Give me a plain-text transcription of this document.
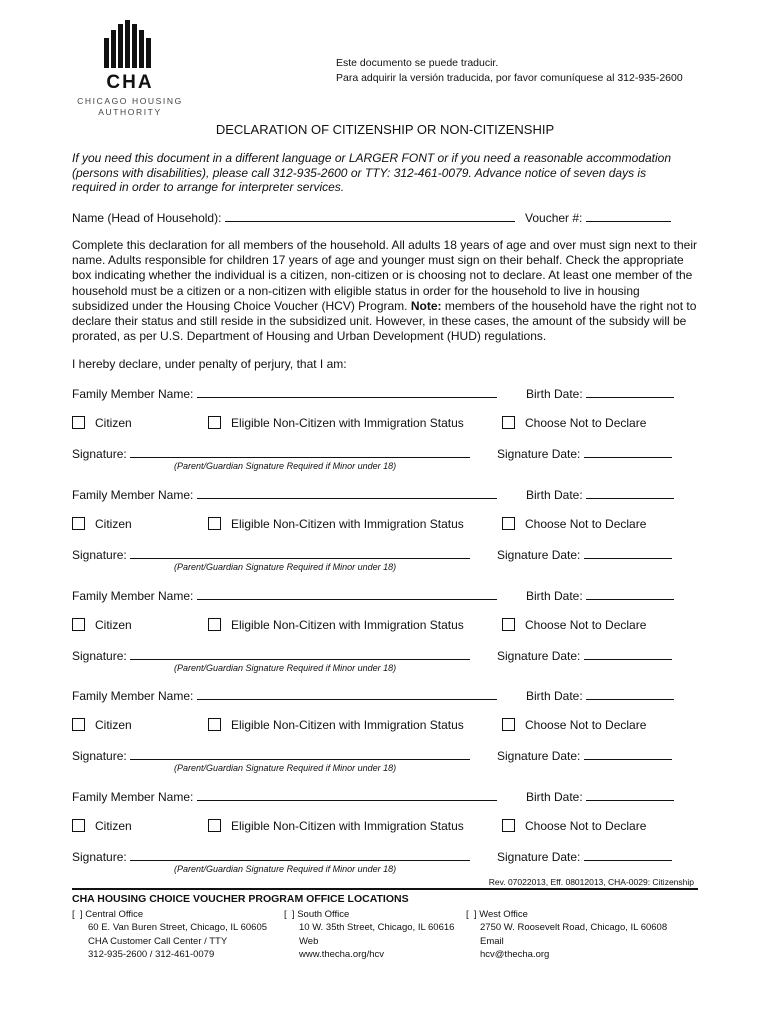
CHA
CHICAGO HOUSING
AUTHORITY
Este documento se puede traducir.
Para adquirir la versión traducida, por favor comuníquese al 312-935-2600
DECLARATION OF CITIZENSHIP OR NON-CITIZENSHIP
If you need this document in a different language or LARGER FONT or if you need a reasonable accommodation (persons with disabilities), please call 312-935-2600 or TTY: 312-461-0079. Advance notice of seven days is required in order to arrange for interpreter services.
Name (Head of Household):	Voucher #:
Complete this declaration for all members of the household. All adults 18 years of age and over must sign next to their name. Adults responsible for children 17 years of age and younger must sign on their behalf. Check the appropriate box indicating whether the individual is a citizen, non-citizen or is choosing not to declare. At least one member of the household must be a citizen or a non-citizen with eligible status in order for the household to live in housing subsidized under the Housing Choice Voucher (HCV) Program. Note: members of the household have the right not to declare their status and still reside in the subsidized unit. However, in these cases, the amount of the subsidy will be prorated, as per U.S. Department of Housing and Urban Development (HUD) regulations.
I hereby declare, under penalty of perjury, that I am:
Family Member Name:	Birth Date:
Citizen	Eligible Non-Citizen with Immigration Status	Choose Not to Declare
Signature:	Signature Date:
(Parent/Guardian Signature Required if Minor under 18)
Family Member Name:	Birth Date:
Citizen	Eligible Non-Citizen with Immigration Status	Choose Not to Declare
Signature:	Signature Date:
(Parent/Guardian Signature Required if Minor under 18)
Family Member Name:	Birth Date:
Citizen	Eligible Non-Citizen with Immigration Status	Choose Not to Declare
Signature:	Signature Date:
(Parent/Guardian Signature Required if Minor under 18)
Family Member Name:	Birth Date:
Citizen	Eligible Non-Citizen with Immigration Status	Choose Not to Declare
Signature:	Signature Date:
(Parent/Guardian Signature Required if Minor under 18)
Family Member Name:	Birth Date:
Citizen	Eligible Non-Citizen with Immigration Status	Choose Not to Declare
Signature:	Signature Date:
(Parent/Guardian Signature Required if Minor under 18)
Rev. 07022013, Eff. 08012013, CHA-0029: Citizenship
CHA HOUSING CHOICE VOUCHER PROGRAM OFFICE LOCATIONS
[  ] Central Office
60 E. Van Buren Street, Chicago, IL 60605
CHA Customer Call Center / TTY
312-935-2600 / 312-461-0079
[  ] South Office
10 W. 35th Street, Chicago, IL 60616
Web
www.thecha.org/hcv
[  ] West Office
2750 W. Roosevelt Road, Chicago, IL 60608
Email
hcv@thecha.org
